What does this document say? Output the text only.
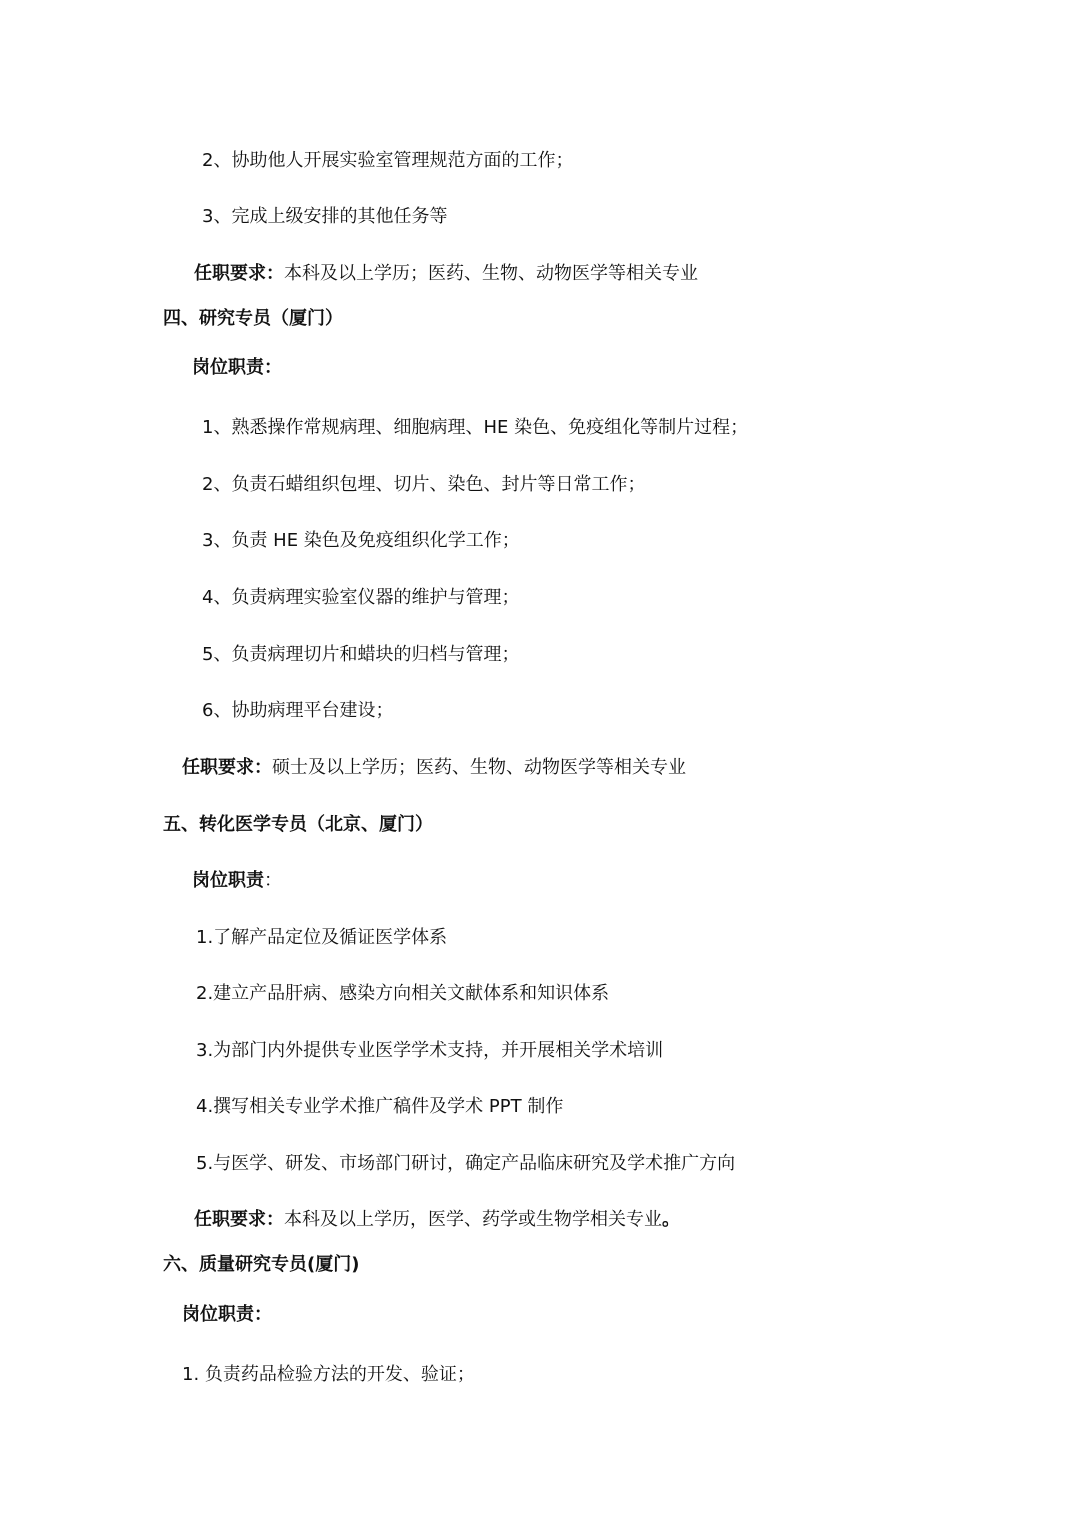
2、协助他人开展实验室管理规范方面的工作；
3、完成上级安排的其他任务等
任职要求：本科及以上学历；医药、生物、动物医学等相关专业
四、研究专员（厦门）
岗位职责：
1、熟悉操作常规病理、细胞病理、HE 染色、免疫组化等制片过程；
2、负责石蜡组织包埋、切片、染色、封片等日常工作；
3、负责 HE 染色及免疫组织化学工作；
4、负责病理实验室仪器的维护与管理；
5、负责病理切片和蜡块的归档与管理；
6、协助病理平台建设；
任职要求：硕士及以上学历；医药、生物、动物医学等相关专业
五、转化医学专员（北京、厦门）
岗位职责：
1.了解产品定位及循证医学体系
2.建立产品肝病、感染方向相关文献体系和知识体系
3.为部门内外提供专业医学学术支持，并开展相关学术培训
4.撰写相关专业学术推广稿件及学术 PPT 制作
5.与医学、研发、市场部门研讨，确定产品临床研究及学术推广方向
任职要求：本科及以上学历，医学、药学或生物学相关专业。
六、质量研究专员(厦门)
岗位职责：
1. 负责药品检验方法的开发、验证；
